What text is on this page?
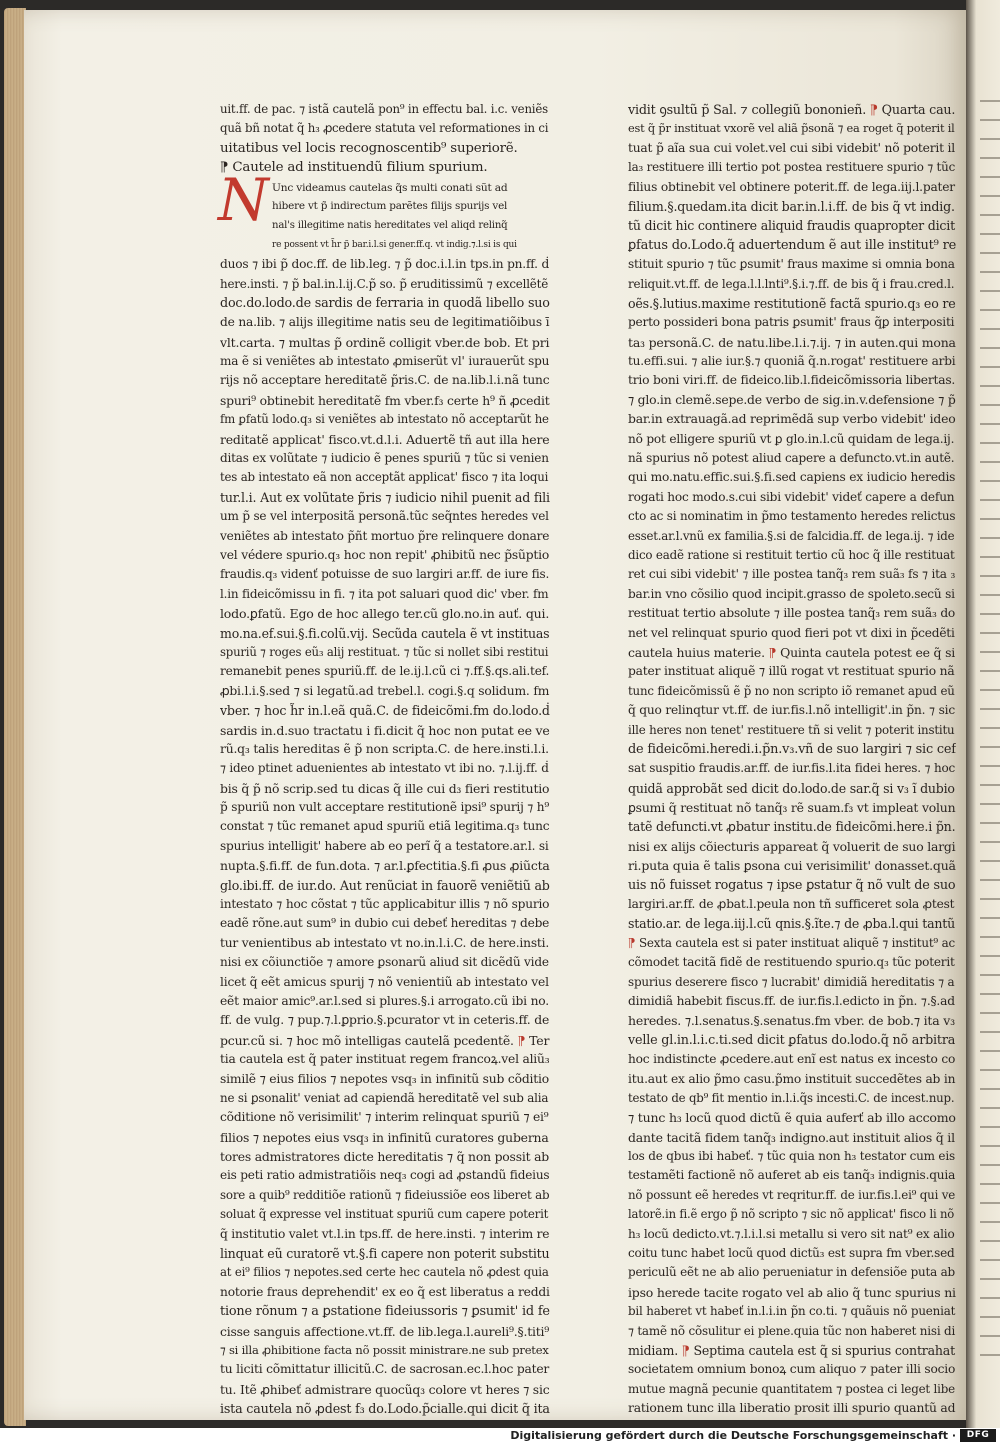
N
uit.ff. de pac. ⁊ istã cautelã pon⁹ in effectu bal. i.c. veniẽs
quã bñ notat q̃ h₃ ꝓcedere statuta vel reformationes in ci
uitatibus vel locis recognoscentib⁹ superiorẽ.
⁋ Cautele ad instituendũ filium spurium.
Unc videamus cautelas q̃s multi conati sũt ad
hibere vt p̃ indirectum parẽtes filijs spurijs vel
nal's illegitime natis hereditates vel aliqd relinq̃
re possent vt h̃r p̃ bar.i.l.si gener.ff.q. vt indig.⁊.l.si is qui
duos ⁊ ibi p̃ doc.ff. de lib.leg. ⁊ p̃ doc.i.l.in tps.in pn.ff. ḋ
here.insti. ⁊ p̃ bal.in.l.ij.C.p̃ so. p̃ eruditissimũ ⁊ excellẽtẽ
doc.do.lodo.de sardis de ferraria in quodã libello suo
de na.lib. ⁊ alijs illegitime natis seu de legitimatiõibus ī
vlt.carta. ⁊ multas p̃ ordinẽ colligit vber.de bob. Et pri
ma ẽ si veniẽtes ab intestato ꝓmiserũt vl' iurauerũt spu
rijs nõ acceptare hereditatẽ p̃ris.C. de na.lib.l.i.nã tunc
spuri⁹ obtinebit hereditatẽ fm vber.f₃ certe h⁹ ñ ꝓcedit
fm ꝑfatũ lodo.q₃ si veniẽtes ab intestato nõ acceptarũt he
reditatẽ applicat' fisco.vt.d.l.i. Aduertẽ tñ aut illa here
ditas ex volũtate ⁊ iudicio ẽ penes spuriũ ⁊ tũc si venien
tes ab intestato eã non acceptãt applicat' fisco ⁊ ita loqui
tur.l.i. Aut ex volũtate p̃ris ⁊ iudicio nihil puenit ad fili
um p̃ se vel interpositã personã.tũc seq̃ntes heredes vel
veniẽtes ab intestato p̃ñt mortuo p̃re relinquere donare
vel védere spurio.q₃ hoc non repit' ꝓhibitũ nec p̃sũptio
fraudis.q₃ videnť potuisse de suo largiri ar.ff. de iure fis.
l.in fideicõmissu in fi. ⁊ ita pot saluari quod dic' vber. fm
lodo.ꝑfatũ. Ego de hoc allego ter.cũ glo.no.in auť. qui.
mo.na.ef.sui.§.fi.colũ.vij. Secũda cautela ẽ vt instituas
spuriũ ⁊ roges eũ₃ alij restituat. ⁊ tũc si nollet sibi restitui
remanebit penes spuriũ.ff. de le.ij.l.cũ ci ⁊.ff.§.qs.ali.tef.
ꝓbi.l.i.§.sed ⁊ si legatũ.ad trebel.l. cogi.§.q solidum. fm
vber. ⁊ hoc h̃r in.l.eã quã.C. de fideicõmi.fm do.lodo.ḋ
sardis in.d.suo tractatu i fi.dicit q̃ hoc non putat ee ve
rũ.q₃ talis hereditas ẽ p̃ non scripta.C. de here.insti.l.i.
⁊ ideo ptinet aduenientes ab intestato vt ibi no. ⁊.l.ij.ff. ḋ
bis q̃ p̃ nõ scrip.sed tu dicas q̃ ille cui d₃ fieri restitutio
p̃ spuriũ non vult acceptare restitutionẽ ipsi⁹ spurij ⁊ h⁹
constat ⁊ tũc remanet apud spuriũ etiã legitima.q₃ tunc
spurius intelligit' habere ab eo perĩ q̃ a testatore.ar.l. si
nupta.§.fi.ff. de fun.dota. ⁊ ar.l.ꝑfectitia.§.fi ꝓus ꝓiũcta
glo.ibi.ff. de iur.do. Aut renũciat in fauorẽ veniẽtiũ ab
intestato ⁊ hoc cõstat ⁊ tũc applicabitur illis ⁊ nõ spurio
eadẽ rõne.aut sum⁹ in dubio cui debeť hereditas ⁊ debe
tur venientibus ab intestato vt no.in.l.i.C. de here.insti.
nisi ex cõiunctiõe ⁊ amore ꝑsonarũ aliud sit dicẽdũ vide
licet q̃ eẽt amicus spurij ⁊ nõ venientiũ ab intestato vel
eẽt maior amic⁹.ar.l.sed si plures.§.i arrogato.cũ ibi no.
ff. de vulg. ⁊ pup.⁊.l.ꝑprio.§.pcurator vt in ceteris.ff. de
pcur.cũ si. ⁊ hoc mõ intelligas cautelã pcedentẽ. ⁋ Ter
tia cautela est q̃ pater instituat regem francoꝝ.vel aliũ₃
similẽ ⁊ eius filios ⁊ nepotes vsq₃ in infinitũ sub cõditio
ne si ꝑsonalit' veniat ad capiendã hereditatẽ vel sub alia
cõditione nõ verisimilit' ⁊ interim relinquat spuriũ ⁊ ei⁹
filios ⁊ nepotes eius vsq₃ in infinitũ curatores guberna
tores admistratores dicte hereditatis ⁊ q̃ non possit ab
eis peti ratio admistratiõis neq₃ cogi ad ꝓstandũ fideius
sore a quib⁹ redditiõe rationũ ⁊ fideiussiõe eos liberet ab
soluat q̃ expresse vel instituat spuriũ cum capere poterit
q̃ institutio valet vt.l.in tps.ff. de here.insti. ⁊ interim re
linquat eũ curatorẽ vt.§.fi capere non poterit substitu
at ei⁹ filios ⁊ nepotes.sed certe hec cautela nõ ꝓdest quia
notorie fraus deprehendit' ex eo q̃ est liberatus a reddi
tione rõnum ⁊ a ꝑstatione fideiussoris ⁊ ꝑsumit' id fe
cisse sanguis affectione.vt.ff. de lib.lega.l.aureli⁹.§.titi⁹
⁊ si illa ꝓhibitione facta nõ possit ministrare.ne sub pretex
tu liciti cõmittatur illicitũ.C. de sacrosan.ec.l.hoc pater
tu. Itẽ ꝓhibeť admistrare quocũq₃ colore vt heres ⁊ sic
ista cautela nõ ꝓdest f₃ do.Lodo.p̃cialle.qui dicit q̃ ita
vidit ꝯsultũ p̃ Sal. ⁊ collegiũ bononieñ. ⁋ Quarta cau.
est q̃ p̃r instituat vxorẽ vel aliã p̃sonã ⁊ ea roget q̃ poterit il
tuat p̃ aĩa sua cui volet.vel cui sibi videbit' nõ poterit il
la₃ restituere illi tertio pot postea restituere spurio ⁊ tũc
filius obtinebit vel obtinere poterit.ff. de lega.iij.l.pater
filium.§.quedam.ita dicit bar.in.l.i.ff. de bis q̃ vt indig.
tũ dicit hic continere aliquid fraudis quapropter dicit
ꝑfatus do.Lodo.q̃ aduertendum ẽ aut ille institut⁹ re
stituit spurio ⁊ tũc ꝑsumit' fraus maxime si omnia bona
reliquit.vt.ff. de lega.l.l.lnti⁹.§.i.⁊.ff. de bis q̃ i frau.cred.l.
oẽs.§.lutius.maxime restitutionẽ factã spurio.q₃ eo re
perto possideri bona patris ꝑsumit' fraus q̃ꝑ interpositi
ta₃ personã.C. de natu.libe.l.i.⁊.ij. ⁊ in auten.qui mona
tu.effi.sui. ⁊ alie iur.§.⁊ quoniã q̃.n.rogat' restituere arbi
trio boni viri.ff. de fideico.lib.l.fideicõmissoria libertas.
⁊ glo.in clemẽ.sepe.de verbo de sig.in.v.defensione ⁊ p̃
bar.in extrauagã.ad reprimẽdã sup verbo videbit' ideo
nõ pot elligere spuriũ vt ꝑ glo.in.l.cũ quidam de lega.ij.
nã spurius nõ potest aliud capere a defuncto.vt.in autẽ.
qui mo.natu.effic.sui.§.fi.sed capiens ex iudicio heredis
rogati hoc modo.s.cui sibi videbit' videť capere a defun
cto ac si nominatim in p̃mo testamento heredes relictus
esset.ar.l.vnũ ex familia.§.si de falcidia.ff. de lega.ij. ⁊ ide
dico eadẽ ratione si restituit tertio cũ hoc q̃ ille restituat
ret cui sibi videbit' ⁊ ille postea tanq̃₃ rem suã₃ fs ⁊ ita ₃
bar.in vno cõsilio quod incipit.grasso de spoleto.secũ si
restituat tertio absolute ⁊ ille postea tanq̃₃ rem suã₃ do
net vel relinquat spurio quod fieri pot vt dixi in p̃cedẽti
cautela huius materie. ⁋ Quinta cautela potest ee q̃ si
pater instituat aliquẽ ⁊ illũ rogat vt restituat spurio nã
tunc fideicõmissũ ẽ p̃ no non scripto iõ remanet apud eũ
q̃ quo relinqtur vt.ff. de iur.fis.l.nõ intelligit'.in p̃n. ⁊ sic
ille heres non tenet' restituere tñ si velit ⁊ poterit institu
de fideicõmi.heredi.i.p̃n.v₃.vñ de suo largiri ⁊ sic cef
sat suspitio fraudis.ar.ff. de iur.fis.l.ita fidei heres. ⁊ hoc
quidã approbãt sed dicit do.lodo.de sar.q̃ si v₃ ĩ dubio
ꝑsumi q̃ restituat nõ tanq̃₃ rẽ suam.f₃ vt impleat volun
tatẽ defuncti.vt ꝓbatur institu.de fideicõmi.here.i p̃n.
nisi ex alijs cõiecturis appareat q̃ voluerit de suo largi
ri.puta quia ẽ talis ꝑsona cui verisimilit' donasset.quã
uis nõ fuisset rogatus ⁊ ipse ꝑstatur q̃ nõ vult de suo
largiri.ar.ff. de ꝓbat.l.peula non tñ sufficeret sola ꝓtest
statio.ar. de lega.iij.l.cũ qnis.§.ĩte.⁊ de ꝓba.l.qui tantũ
⁋ Sexta cautela est si pater instituat aliquẽ ⁊ institut⁹ ac
cõmodet tacitã fidẽ de restituendo spurio.q₃ tũc poterit
spurius deserere fisco ⁊ lucrabit' dimidiã hereditatis ⁊ a
dimidiã habebit fiscus.ff. de iur.fis.l.edicto in p̃n. ⁊.§.ad
heredes. ⁊.l.senatus.§.senatus.fm vber. de bob.⁊ ita v₃
velle gl.in.l.i.c.ti.sed dicit ꝑfatus do.lodo.q̃ nõ arbitra
hoc indistincte ꝓcedere.aut enĩ est natus ex incesto co
itu.aut ex alio p̃mo casu.p̃mo instituit succedẽtes ab in
testato de qb⁹ fit mentio in.l.i.q̃s incesti.C. de incest.nup.
⁊ tunc h₃ locũ quod dictũ ẽ quia auferť ab illo accomo
dante tacitã fidem tanq̃₃ indigno.aut instituit alios q̃ il
los de qbus ibi habeť. ⁊ tũc quia non h₃ testator cum eis
testamẽti factionẽ nõ auferet ab eis tanq̃₃ indignis.quia
nõ possunt eẽ heredes vt reqritur.ff. de iur.fis.l.ei⁹ qui ve
latorẽ.in fi.ẽ ergo p̃ nõ scripto ⁊ sic nõ applicat' fisco li nõ
h₃ locũ dedicto.vt.⁊.l.i.l.si metallu si vero sit nat⁹ ex alio
coitu tunc habet locũ quod dictũ₃ est supra fm vber.sed
periculũ eẽt ne ab alio perueniatur in defensiõe puta ab
ipso herede tacite rogato vel ab alio q̃ tunc spurius ni
bil haberet vt habeť in.l.i.in p̃n co.ti. ⁊ quãuis nõ pueniat
⁊ tamẽ nõ cõsulitur ei plene.quia tũc non haberet nisi di
midiam. ⁋ Septima cautela est q̃ si spurius contrahat
societatem omnium bonoꝝ cum aliquo ⁊ pater illi socio
mutue magnã pecunie quantitatem ⁊ postea ci leget libe
rationem tunc illa liberatio prosit illi spurio quantũ ad
Digitalisierung gefördert durch die Deutsche Forschungsgemeinschaft ·	DFG
